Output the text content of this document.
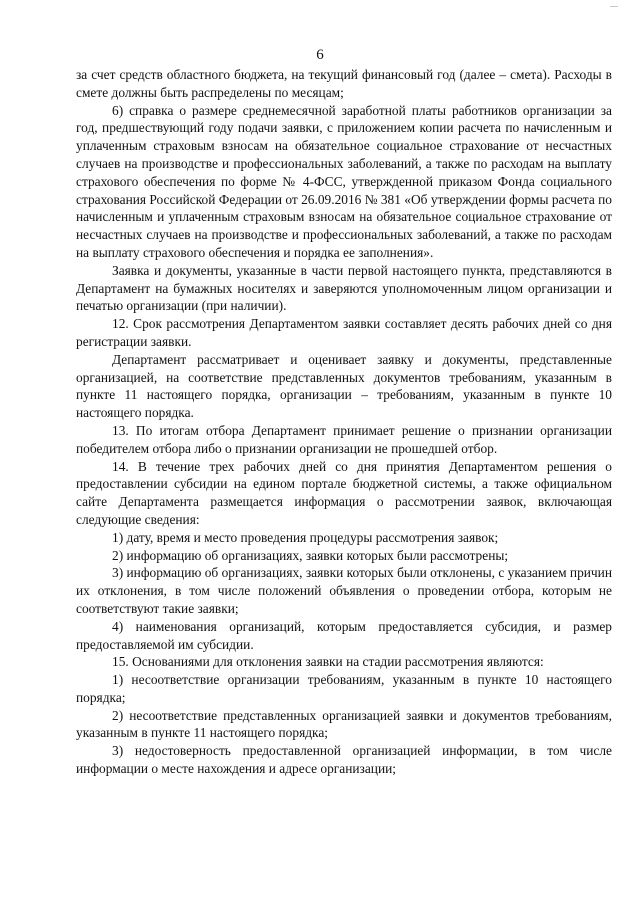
6

за счет средств областного бюджета, на текущий финансовый год (далее – смета). Расходы в смете должны быть распределены по месяцам;

6) справка о размере среднемесячной заработной платы работников организации за год, предшествующий году подачи заявки, с приложением копии расчета по начисленным и уплаченным страховым взносам на обязательное социальное страхование от несчастных случаев на производстве и профессиональных заболеваний, а также по расходам на выплату страхового обеспечения по форме № 4-ФСС, утвержденной приказом Фонда социального страхования Российской Федерации от 26.09.2016 № 381 «Об утверждении формы расчета по начисленным и уплаченным страховым взносам на обязательное социальное страхование от несчастных случаев на производстве и профессиональных заболеваний, а также по расходам на выплату страхового обеспечения и порядка ее заполнения».

Заявка и документы, указанные в части первой настоящего пункта, представляются в Департамент на бумажных носителях и заверяются уполномоченным лицом организации и печатью организации (при наличии).

12. Срок рассмотрения Департаментом заявки составляет десять рабочих дней со дня регистрации заявки.

Департамент рассматривает и оценивает заявку и документы, представленные организацией, на соответствие представленных документов требованиям, указанным в пункте 11 настоящего порядка, организации – требованиям, указанным в пункте 10 настоящего порядка.

13. По итогам отбора Департамент принимает решение о признании организации победителем отбора либо о признании организации не прошедшей отбор.

14. В течение трех рабочих дней со дня принятия Департаментом решения о предоставлении субсидии на едином портале бюджетной системы, а также официальном сайте Департамента размещается информация о рассмотрении заявок, включающая следующие сведения:

1) дату, время и место проведения процедуры рассмотрения заявок;

2) информацию об организациях, заявки которых были рассмотрены;

3) информацию об организациях, заявки которых были отклонены, с указанием причин их отклонения, в том числе положений объявления о проведении отбора, которым не соответствуют такие заявки;

4) наименования организаций, которым предоставляется субсидия, и размер предоставляемой им субсидии.

15. Основаниями для отклонения заявки на стадии рассмотрения являются:

1) несоответствие организации требованиям, указанным в пункте 10 настоящего порядка;

2) несоответствие представленных организацией заявки и документов требованиям, указанным в пункте 11 настоящего порядка;

3) недостоверность предоставленной организацией информации, в том числе информации о месте нахождения и адресе организации;
